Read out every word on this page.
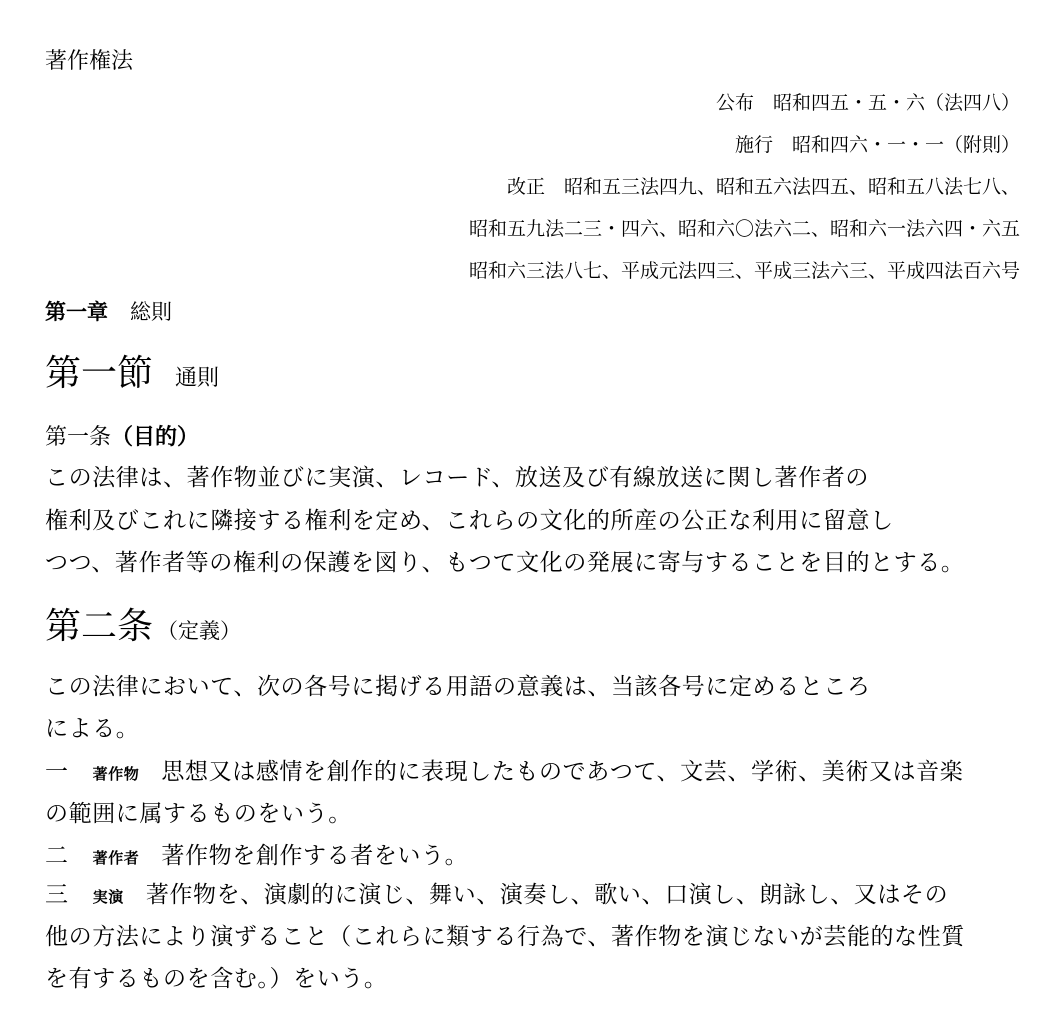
著作権法
公布　昭和四五・五・六（法四八）
施行　昭和四六・一・一（附則）
改正　昭和五三法四九、昭和五六法四五、昭和五八法七八、
昭和五九法二三・四六、昭和六〇法六二、昭和六一法六四・六五
昭和六三法八七、平成元法四三、平成三法六三、平成四法百六号
第一章 総則
第一節 通則
第一条（目的）
この法律は、著作物並びに実演、レコード、放送及び有線放送に関し著作者の
権利及びこれに隣接する権利を定め、これらの文化的所産の公正な利用に留意し
つつ、著作者等の権利の保護を図り、もつて文化の発展に寄与することを目的とする。
第二条 （定義）
この法律において、次の各号に掲げる用語の意義は、当該各号に定めるところ
による。
一 著作物 思想又は感情を創作的に表現したものであつて、文芸、学術、美術又は音楽
の範囲に属するものをいう。
二 著作者 著作物を創作する者をいう。
三 実演 著作物を、演劇的に演じ、舞い、演奏し、歌い、口演し、朗詠し、又はその
他の方法により演ずること（これらに類する行為で、著作物を演じないが芸能的な性質
を有するものを含む。）をいう。
